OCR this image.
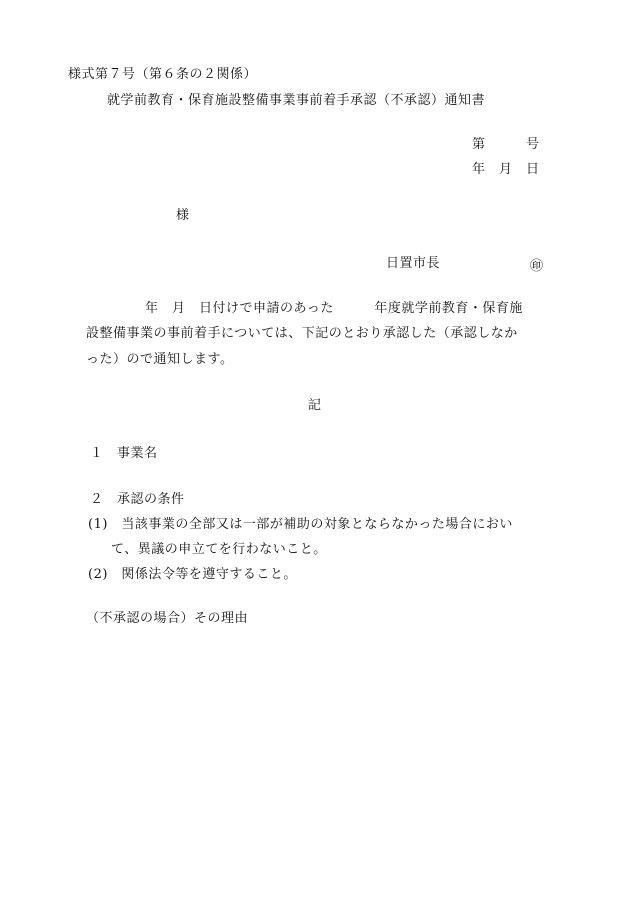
様式第７号（第６条の２関係）
就学前教育・保育施設整備事業事前着手承認（不承認）通知書
第　　　号
年　月　日
様
日置市長	㊞
年　月　日付けで申請のあった　　　年度就学前教育・保育施
設整備事業の事前着手については、下記のとおり承認した（承認しなか
った）ので通知します。
記
１　事業名
２　承認の条件
(1)　当該事業の全部又は一部が補助の対象とならなかった場合におい
て、異議の申立てを行わないこと。
(2)　関係法令等を遵守すること。
（不承認の場合）その理由
